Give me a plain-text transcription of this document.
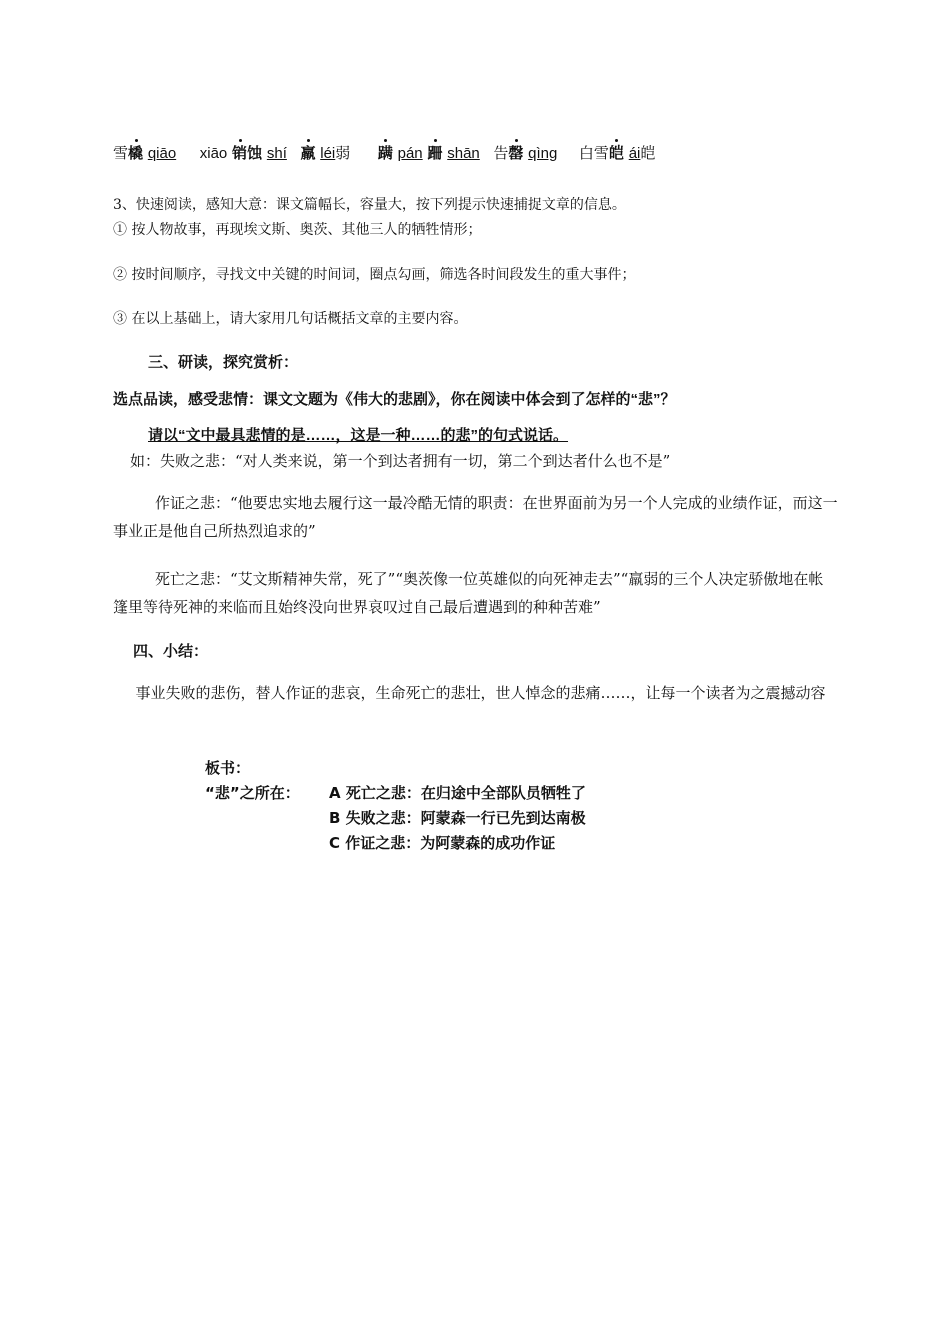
雪橇 qiāo xiāo 销蚀 shí 羸 léi弱 蹒 pán 跚 shān 告罄 qìng 白雪皑 ái皑
3、快速阅读，感知大意：课文篇幅长，容量大，按下列提示快速捕捉文章的信息。
① 按人物故事，再现埃文斯、奥茨、其他三人的牺牲情形；
② 按时间顺序，寻找文中关键的时间词，圈点勾画，筛选各时间段发生的重大事件；
③ 在以上基础上，请大家用几句话概括文章的主要内容。
三、研读，探究赏析：
选点品读，感受悲情：课文文题为《伟大的悲剧》，你在阅读中体会到了怎样的“悲”？
请以“文中最具悲情的是……，这是一种……的悲”的句式说话。
如：失败之悲：“对人类来说，第一个到达者拥有一切，第二个到达者什么也不是”
作证之悲：“他要忠实地去履行这一最冷酷无情的职责：在世界面前为另一个人完成的业绩作证，而这一事业正是他自己所热烈追求的”
死亡之悲：“艾文斯精神失常，死了”“奥茨像一位英雄似的向死神走去”“羸弱的三个人决定骄傲地在帐篷里等待死神的来临而且始终没向世界哀叹过自己最后遭遇到的种种苦难”
四、小结：
事业失败的悲伤，替人作证的悲哀，生命死亡的悲壮，世人悼念的悲痛……，让每一个读者为之震撼动容
板书：
“悲”之所在： A 死亡之悲：在归途中全部队员牺牲了
B 失败之悲：阿蒙森一行已先到达南极
C 作证之悲：为阿蒙森的成功作证
